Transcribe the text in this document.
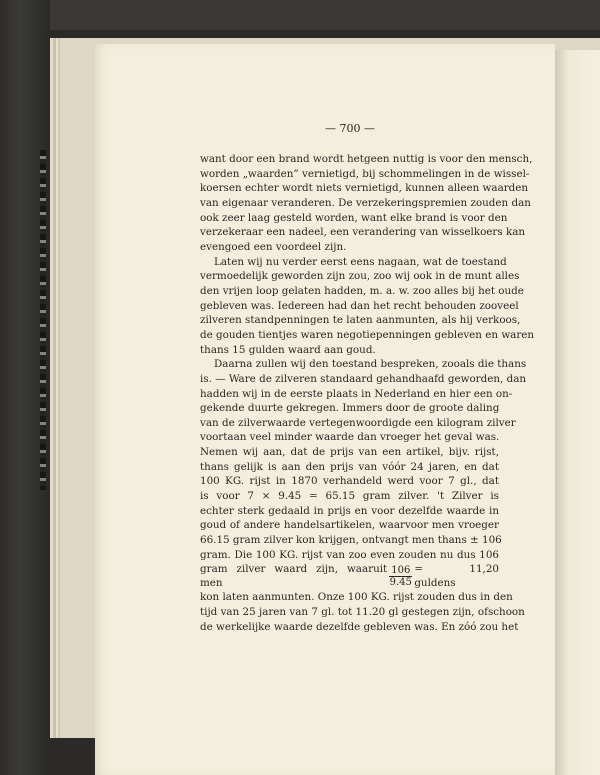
— 700 —
want door een brand wordt hetgeen nuttig is voor den mensch,
worden „waarden” vernietigd, bij schommelingen in de wissel-
koersen echter wordt niets vernietigd, kunnen alleen waarden
van eigenaar veranderen. De verzekeringspremien zouden dan
ook zeer laag gesteld worden, want elke brand is voor den
verzekeraar een nadeel, een verandering van wisselkoers kan
evengoed een voordeel zijn.
Laten wij nu verder eerst eens nagaan, wat de toestand
vermoedelijk geworden zijn zou, zoo wij ook in de munt alles
den vrijen loop gelaten hadden, m. a. w. zoo alles bij het oude
gebleven was. Iedereen had dan het recht behouden zooveel
zilveren standpenningen te laten aanmunten, als hij verkoos,
de gouden tientjes waren negotiepenningen gebleven en waren
thans 15 gulden waard aan goud.
Daarna zullen wij den toestand bespreken, zooals die thans
is. — Ware de zilveren standaard gehandhaafd geworden, dan
hadden wij in de eerste plaats in Nederland en hier een on-
gekende duurte gekregen. Immers door de groote daling
van de zilverwaarde vertegenwoordigde een kilogram zilver
voortaan veel minder waarde dan vroeger het geval was.
Nemen wij aan, dat de prijs van een artikel, bijv. rijst,
thans gelijk is aan den prijs van vóór 24 jaren, en dat
100 KG. rijst in 1870 verhandeld werd voor 7 gl., dat
is voor 7 × 9.45 = 65.15 gram zilver. 't Zilver is
echter sterk gedaald in prijs en voor dezelfde waarde in
goud of andere handelsartikelen, waarvoor men vroeger
66.15 gram zilver kon krijgen, ontvangt men thans ± 106
gram. Die 100 KG. rijst van zoo even zouden nu dus 106
gram zilver waard zijn, waaruit men	$\frac{106}{9.45} = 11,20$ guldens
kon laten aanmunten. Onze 100 KG. rijst zouden dus in den
tijd van 25 jaren van 7 gl. tot 11.20 gl gestegen zijn, ofschoon
de werkelijke waarde dezelfde gebleven was. En zóó zou het
